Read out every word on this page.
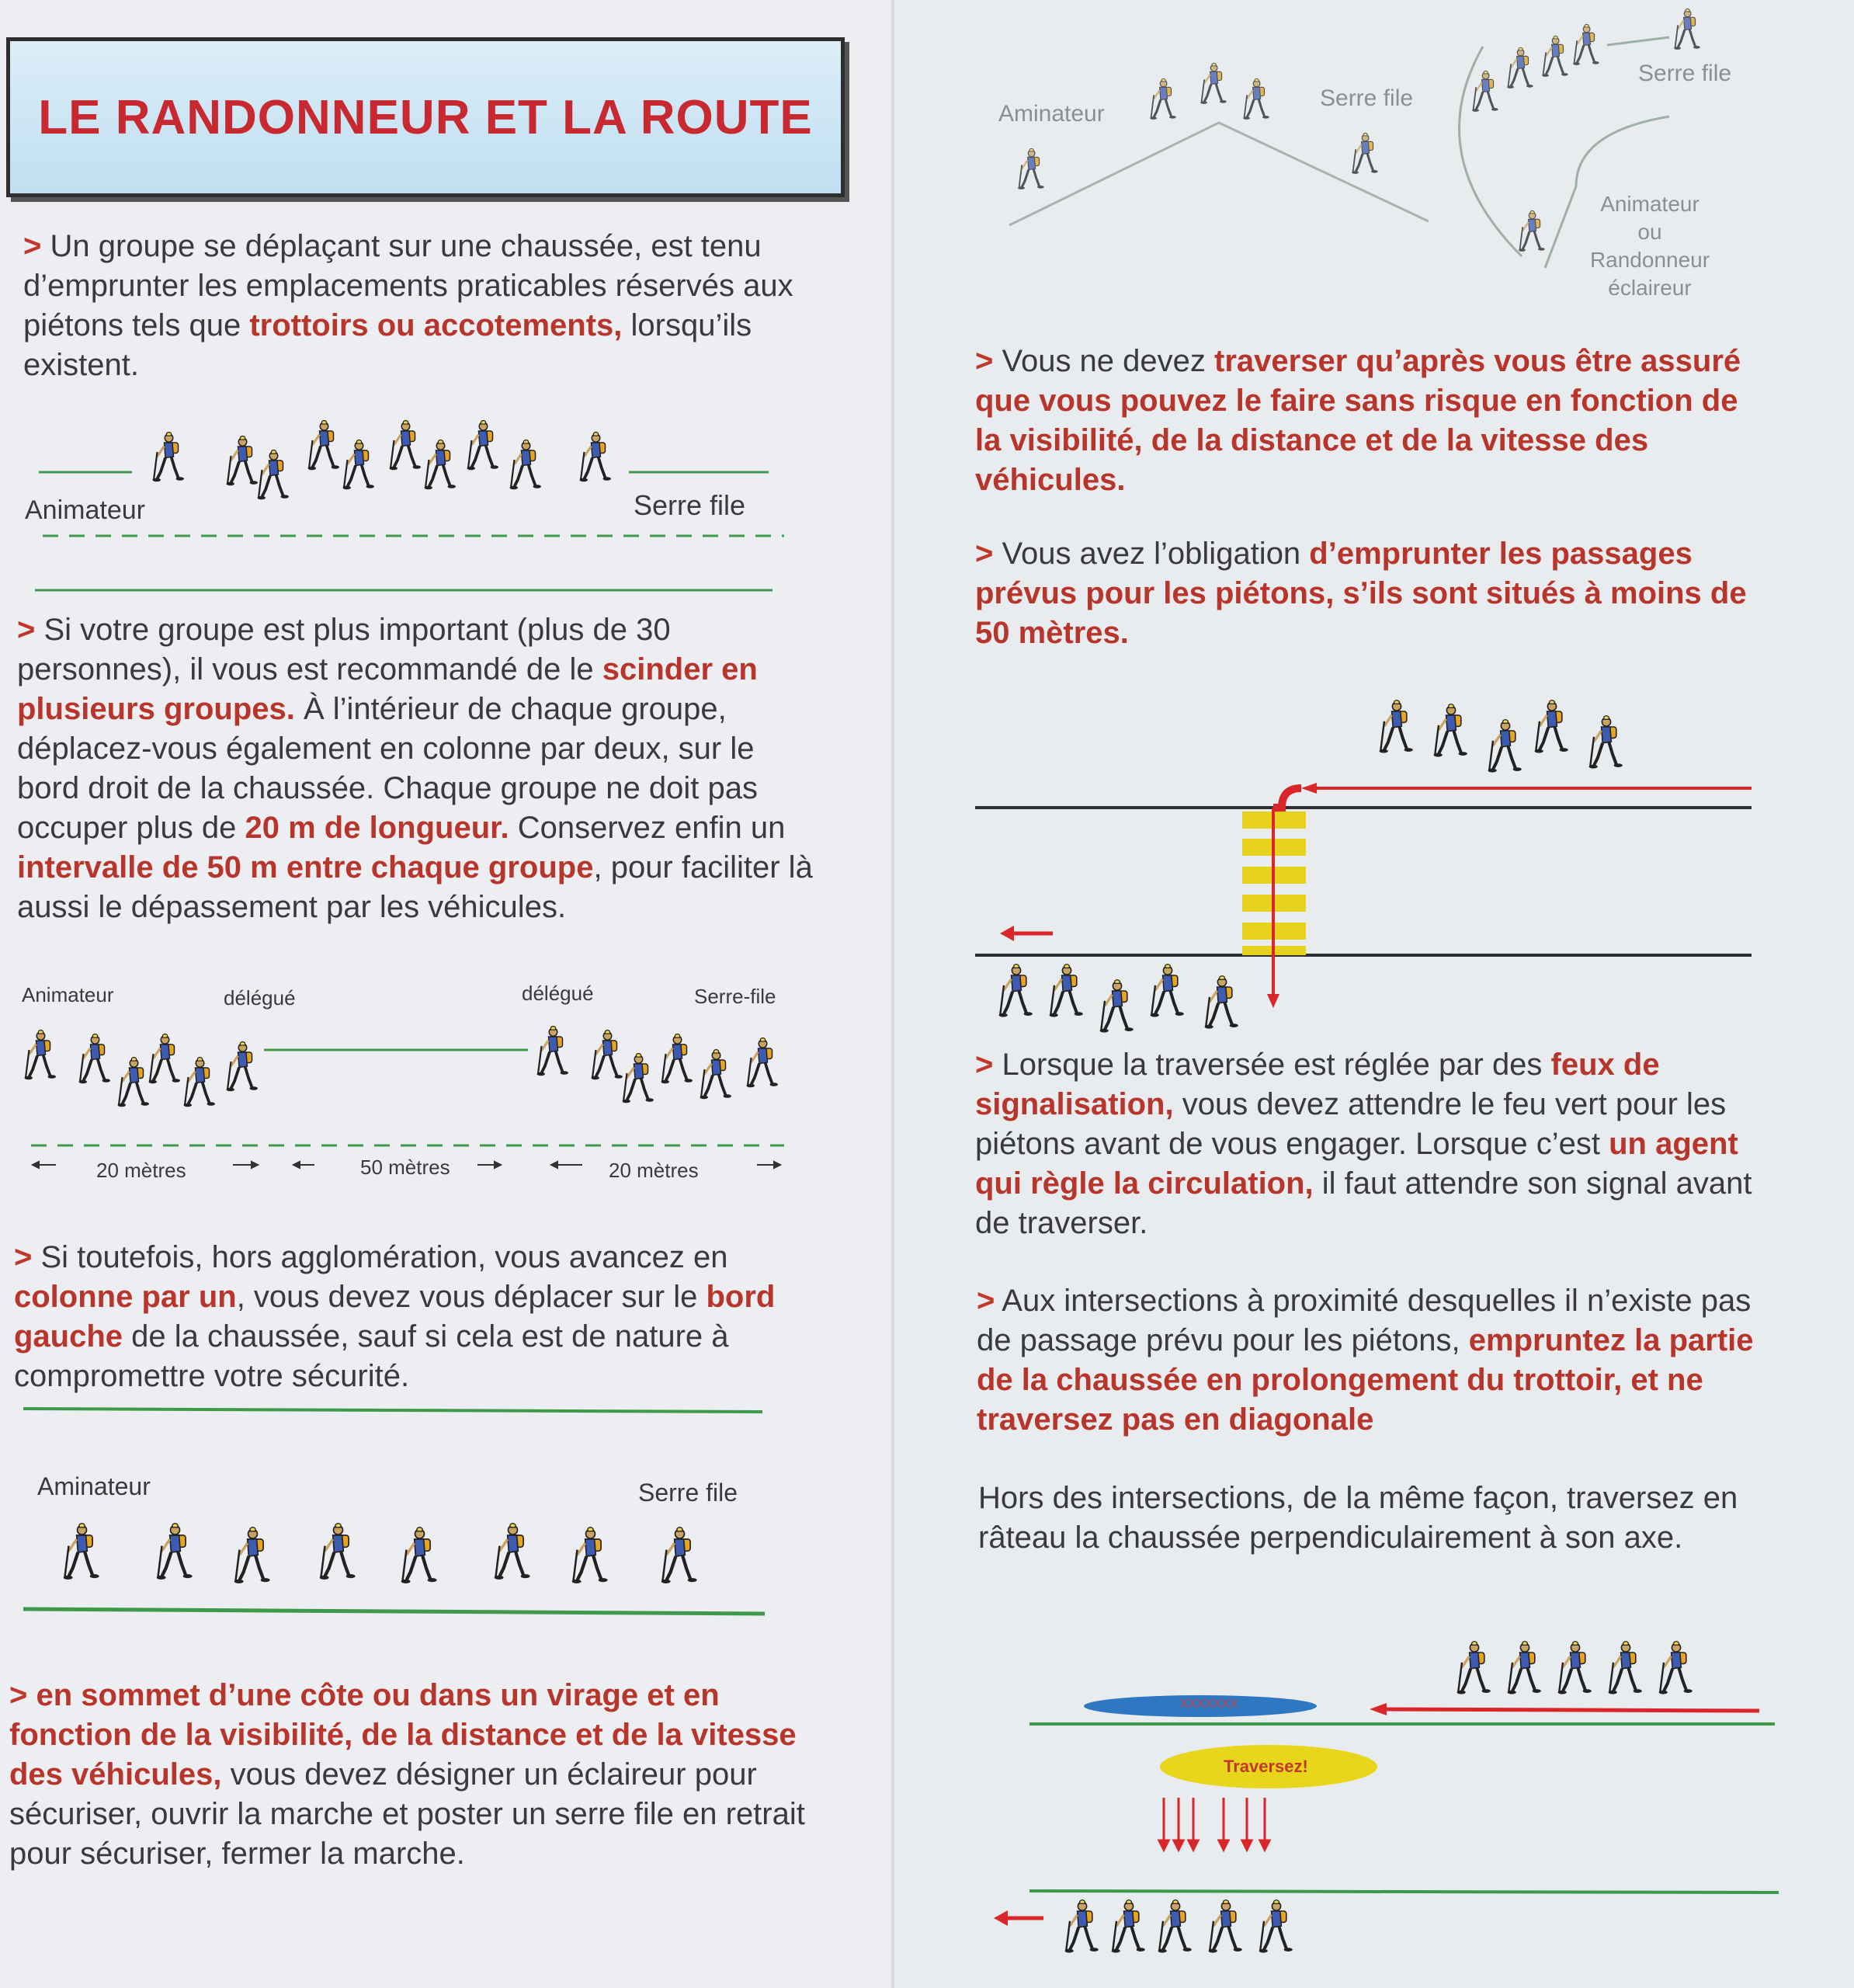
LE RANDONNEUR ET LA ROUTE
> Un groupe se déplaçant sur une chaussée, est tenu d’emprunter les emplacements praticables réservés aux piétons tels que trottoirs ou accotements, lorsqu’ils existent.
Animateur	Serre file
> Si votre groupe est plus important (plus de 30 personnes), il vous est recommandé de le scinder en plusieurs groupes. À l’intérieur de chaque groupe, déplacez-vous également en colonne par deux, sur le bord droit de la chaussée. Chaque groupe ne doit pas occuper plus de 20 m de longueur. Conservez enfin un intervalle de 50 m entre chaque groupe, pour faciliter là aussi le dépassement par les véhicules.
Animateur	délégué	délégué	Serre-file
20 mètres	50 mètres	20 mètres
> Si toutefois, hors agglomération, vous avancez en colonne par un, vous devez vous déplacer sur le bord gauche de la chaussée, sauf si cela est de nature à compromettre votre sécurité.
Aminateur	Serre file
> en sommet d’une côte ou dans un virage et en fonction de la visibilité, de la distance et de la vitesse des véhicules, vous devez désigner un éclaireur pour sécuriser, ouvrir la marche et poster un serre file en retrait pour sécuriser, fermer la marche.
Aminateur
Serre file
Serre file
Animateur
ou
Randonneur
éclaireur
> Vous ne devez traverser qu’après vous être assuré que vous pouvez le faire sans risque en fonction de la visibilité, de la distance et de la vitesse des véhicules.
> Vous avez l’obligation d’emprunter les passages prévus pour les piétons, s’ils sont situés à moins de 50 mètres.
> Lorsque la traversée est réglée par des feux de signalisation, vous devez attendre le feu vert pour les piétons avant de vous engager. Lorsque c’est un agent qui règle la circulation, il faut attendre son signal avant de traverser.
> Aux intersections à proximité desquelles il n’existe pas de passage prévu pour les piétons, empruntez la partie de la chaussée en prolongement du trottoir, et ne traversez pas en diagonale
Hors des intersections, de la même façon, traversez en râteau la chaussée perpendiculairement à son axe.
XXXXXXX
Traversez!
